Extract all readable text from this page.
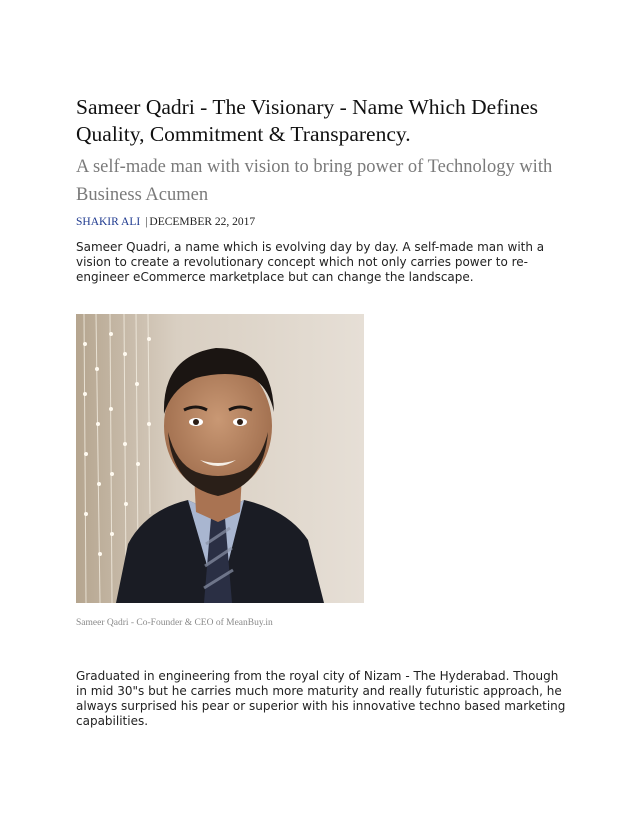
Sameer Qadri - The Visionary - Name Which Defines Quality, Commitment & Transparency.
A self-made man with vision to bring power of Technology with Business Acumen
SHAKIR ALI | DECEMBER 22, 2017

Sameer Quadri, a name which is evolving day by day. A self-made man with a vision to create a revolutionary concept which not only carries power to re-engineer eCommerce marketplace but can change the landscape.

Sameer Qadri - Co-Founder & CEO of MeanBuy.in

Graduated in engineering from the royal city of Nizam - The Hyderabad. Though in mid 30"s but he carries much more maturity and really futuristic approach, he always surprised his pear or superior with his innovative techno based marketing capabilities.
